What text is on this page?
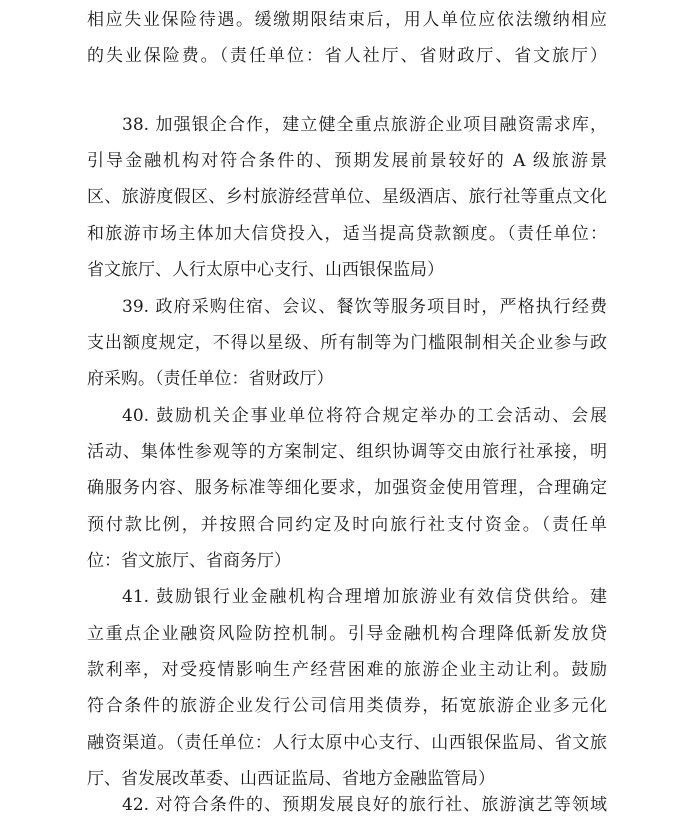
相应失业保险待遇。缓缴期限结束后，用人单位应依法缴纳相应
的失业保险费。（责任单位：省人社厅、省财政厅、省文旅厅）
38. 加强银企合作，建立健全重点旅游企业项目融资需求库，
引导金融机构对符合条件的、预期发展前景较好的 A 级旅游景
区、旅游度假区、乡村旅游经营单位、星级酒店、旅行社等重点文化
和旅游市场主体加大信贷投入，适当提高贷款额度。（责任单位：
省文旅厅、人行太原中心支行、山西银保监局）
39. 政府采购住宿、会议、餐饮等服务项目时，严格执行经费
支出额度规定，不得以星级、所有制等为门槛限制相关企业参与政
府采购。（责任单位：省财政厅）
40. 鼓励机关企事业单位将符合规定举办的工会活动、会展
活动、集体性参观等的方案制定、组织协调等交由旅行社承接，明
确服务内容、服务标准等细化要求，加强资金使用管理，合理确定
预付款比例，并按照合同约定及时向旅行社支付资金。（责任单
位：省文旅厅、省商务厅）
41. 鼓励银行业金融机构合理增加旅游业有效信贷供给。建
立重点企业融资风险防控机制。引导金融机构合理降低新发放贷
款利率，对受疫情影响生产经营困难的旅游企业主动让利。鼓励
符合条件的旅游企业发行公司信用类债券，拓宽旅游企业多元化
融资渠道。（责任单位：人行太原中心支行、山西银保监局、省文旅
厅、省发展改革委、山西证监局、省地方金融监管局）
42. 对符合条件的、预期发展良好的旅行社、旅游演艺等领域
